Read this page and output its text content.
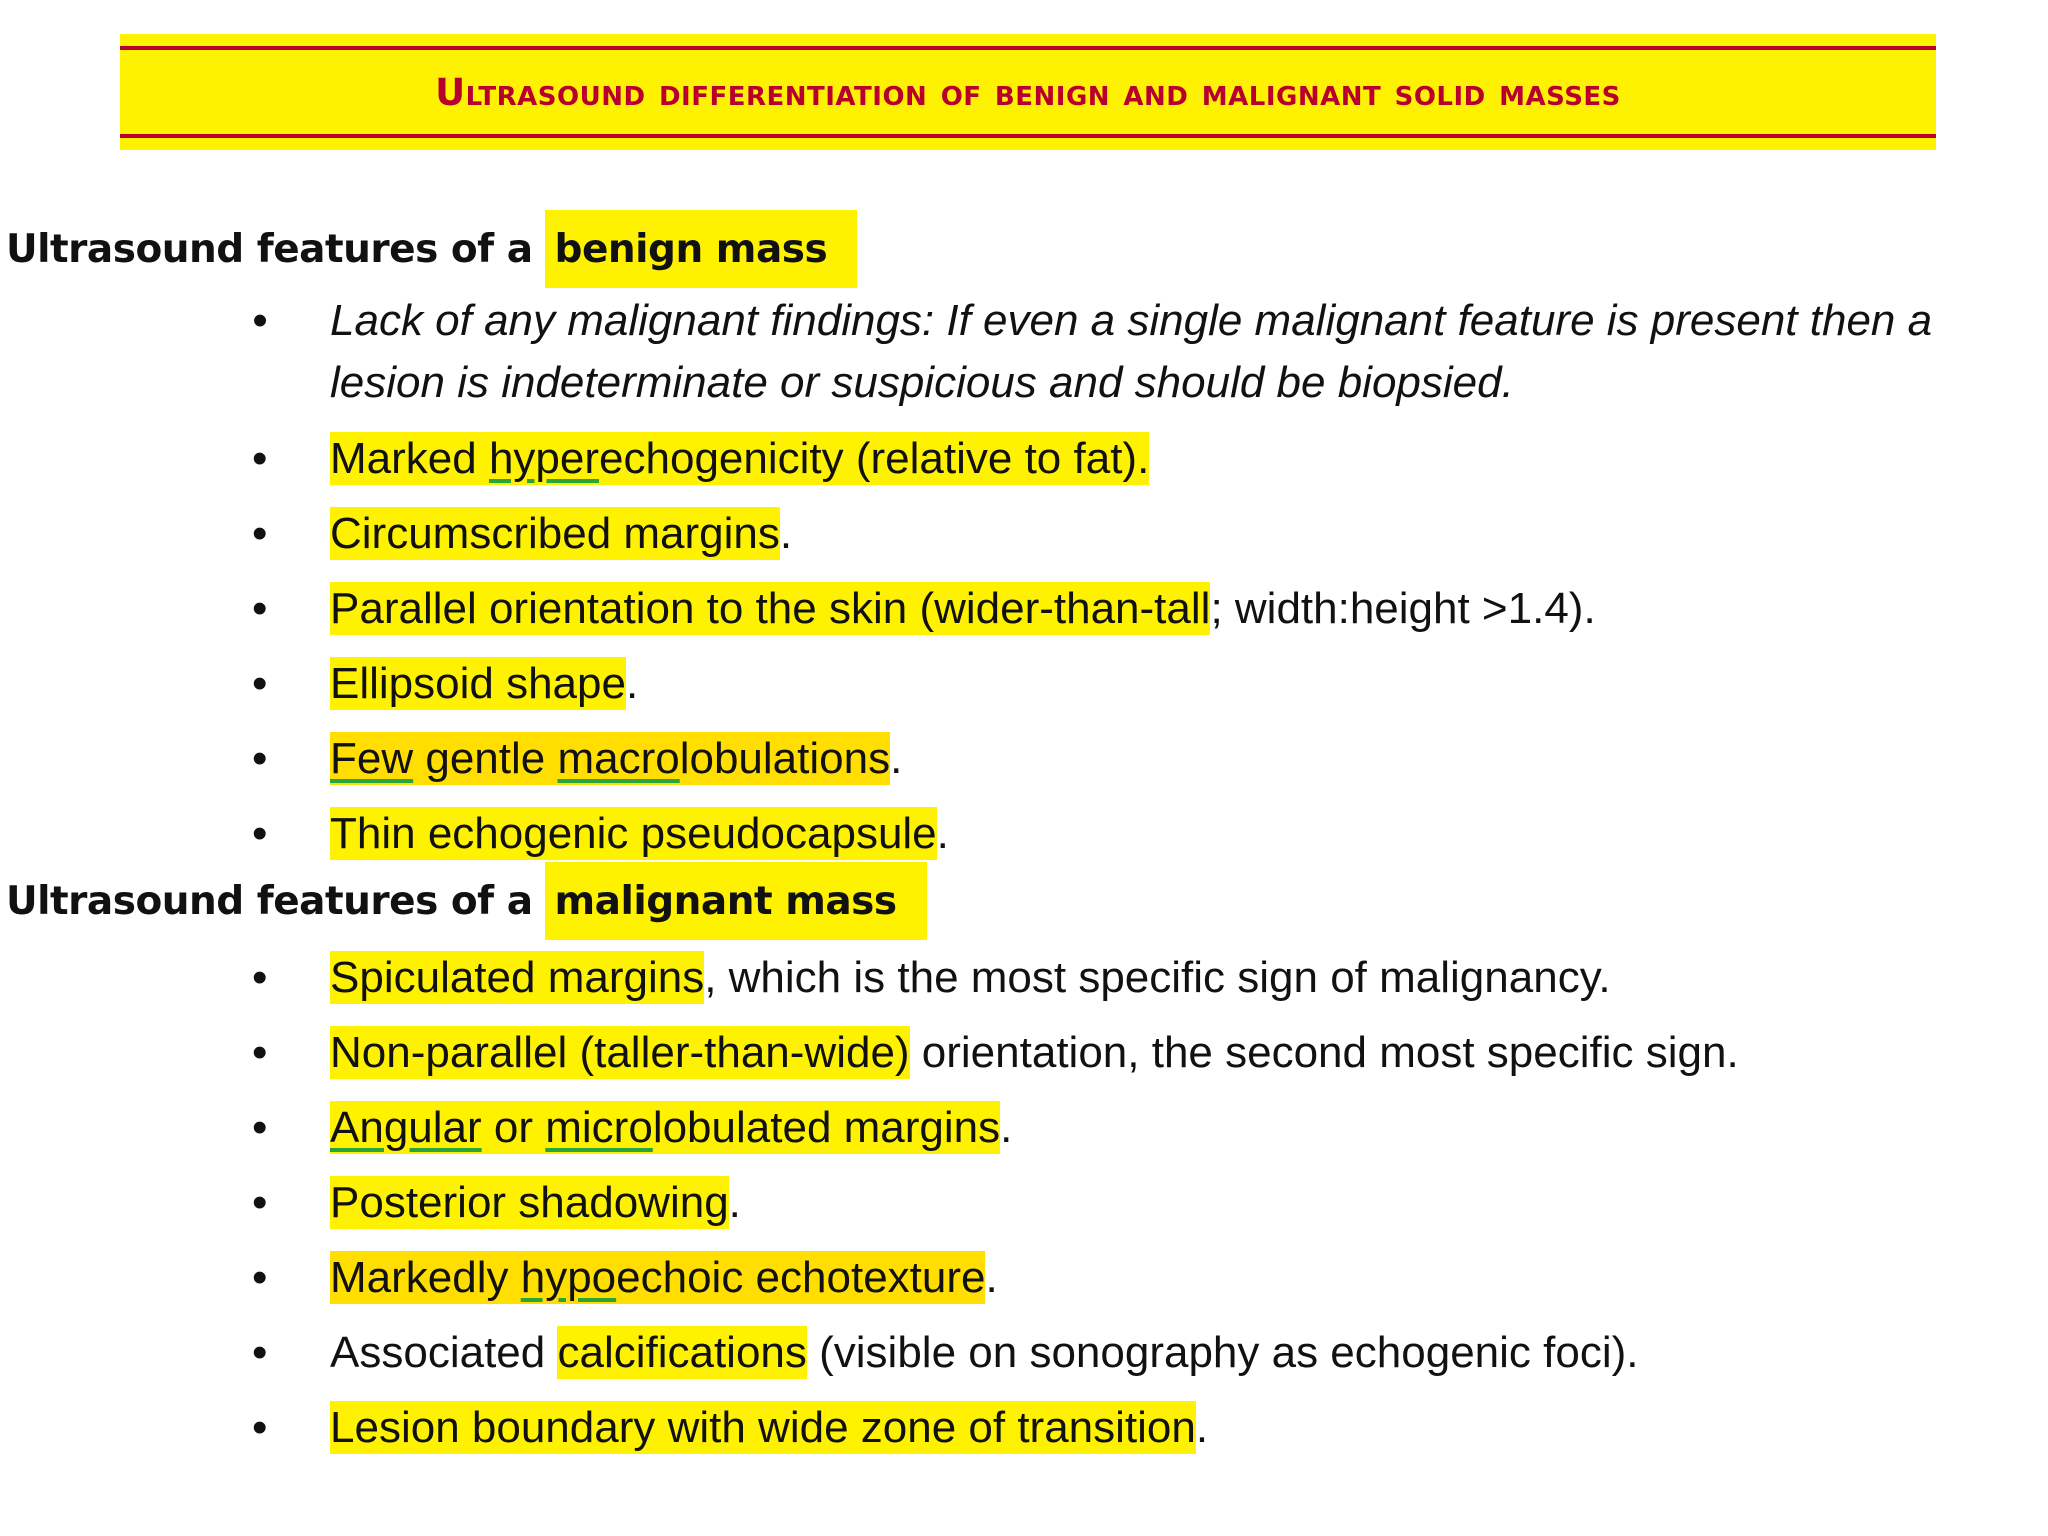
Ultrasound differentiation of benign and malignant solid masses
Ultrasound features of a benign mass
• Lack of any malignant findings: If even a single malignant feature is present then a lesion is indeterminate or suspicious and should be biopsied.
• Marked hyperechogenicity (relative to fat).
• Circumscribed margins.
• Parallel orientation to the skin (wider-than-tall; width:height >1.4).
• Ellipsoid shape.
• Few gentle macrolobulations.
• Thin echogenic pseudocapsule.
Ultrasound features of a malignant mass
• Spiculated margins, which is the most specific sign of malignancy.
• Non-parallel (taller-than-wide) orientation, the second most specific sign.
• Angular or microlobulated margins.
• Posterior shadowing.
• Markedly hypoechoic echotexture.
• Associated calcifications (visible on sonography as echogenic foci).
• Lesion boundary with wide zone of transition.
